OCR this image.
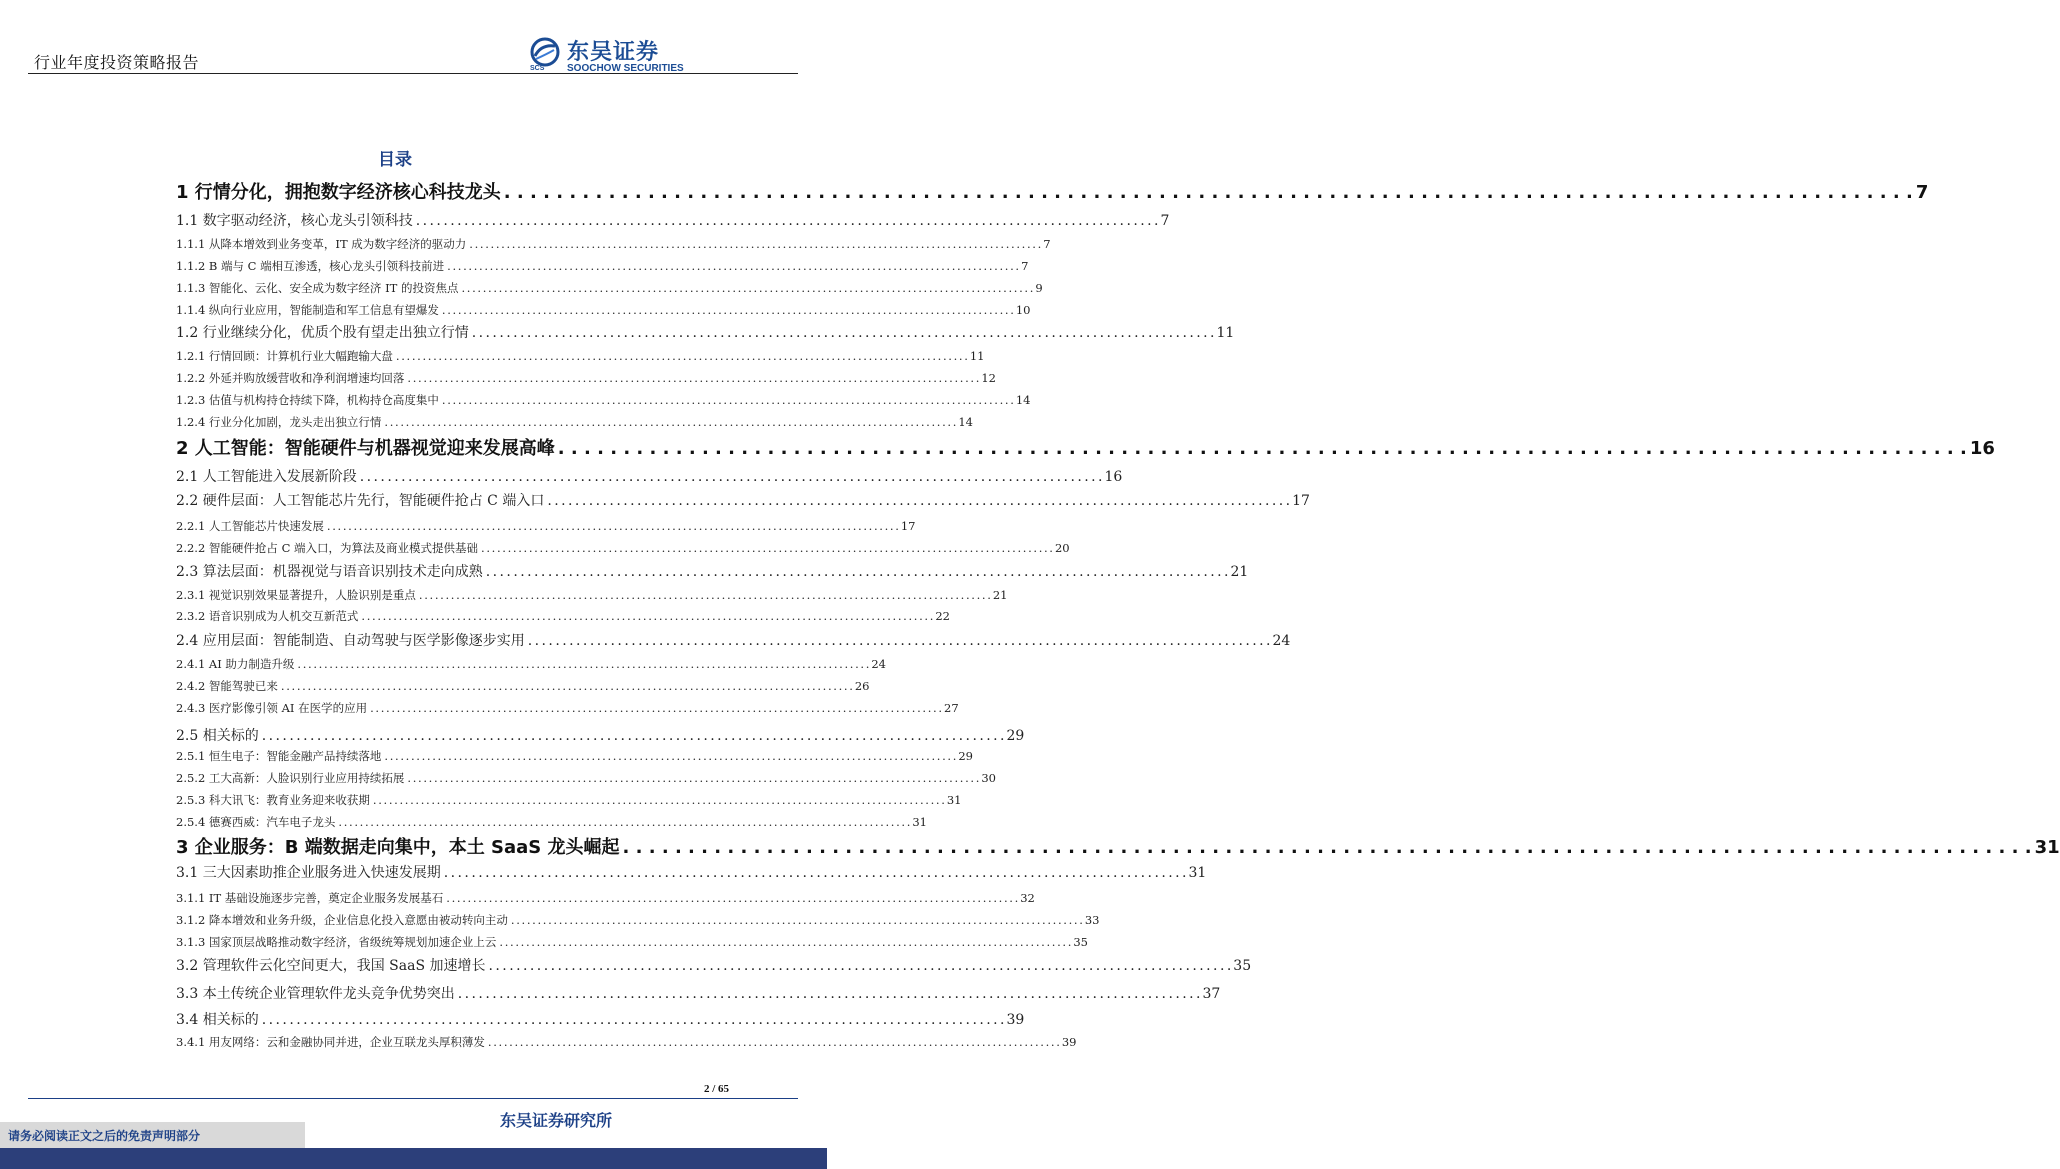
行业年度投资策略报告	SCS
东吴证券
SOOCHOW SECURITIES
目录
1 行情分化，拥抱数字经济核心科技龙头 . . .	7
1.1 数字驱动经济，核心龙头引领科技 . . .	7
1.1.1 从降本增效到业务变革，IT 成为数字经济的驱动力 . . .	7
1.1.2 B 端与 C 端相互渗透，核心龙头引领科技前进 . . .	7
1.1.3 智能化、云化、安全成为数字经济 IT 的投资焦点 . . .	9
1.1.4 纵向行业应用，智能制造和军工信息有望爆发 . . .	10
1.2 行业继续分化，优质个股有望走出独立行情 . . .	11
1.2.1 行情回顾：计算机行业大幅跑输大盘 . . .	11
1.2.2 外延并购放缓营收和净利润增速均回落 . . .	12
1.2.3 估值与机构持仓持续下降，机构持仓高度集中 . . .	14
1.2.4 行业分化加剧，龙头走出独立行情 . . .	14
2 人工智能：智能硬件与机器视觉迎来发展高峰 . . .	16
2.1 人工智能进入发展新阶段 . . .	16
2.2 硬件层面：人工智能芯片先行，智能硬件抢占 C 端入口 . . .	17
2.2.1 人工智能芯片快速发展 . . .	17
2.2.2 智能硬件抢占 C 端入口，为算法及商业模式提供基础 . . .	20
2.3 算法层面：机器视觉与语音识别技术走向成熟 . . .	21
2.3.1 视觉识别效果显著提升，人脸识别是重点 . . .	21
2.3.2 语音识别成为人机交互新范式 . . .	22
2.4 应用层面：智能制造、自动驾驶与医学影像逐步实用 . . .	24
2.4.1 AI 助力制造升级 . . .	24
2.4.2 智能驾驶已来 . . .	26
2.4.3 医疗影像引领 AI 在医学的应用 . . .	27
2.5 相关标的 . . .	29
2.5.1 恒生电子：智能金融产品持续落地 . . .	29
2.5.2 工大高新：人脸识别行业应用持续拓展 . . .	30
2.5.3 科大讯飞：教育业务迎来收获期 . . .	31
2.5.4 德赛西威：汽车电子龙头 . . .	31
3 企业服务：B 端数据走向集中，本土 SaaS 龙头崛起 . . .	31
3.1 三大因素助推企业服务进入快速发展期 . . .	31
3.1.1 IT 基础设施逐步完善，奠定企业服务发展基石 . . .	32
3.1.2 降本增效和业务升级，企业信息化投入意愿由被动转向主动 . . .	33
3.1.3 国家顶层战略推动数字经济，省级统筹规划加速企业上云 . . .	35
3.2 管理软件云化空间更大，我国 SaaS 加速增长 . . .	35
3.3 本土传统企业管理软件龙头竞争优势突出 . . .	37
3.4 相关标的 . . .	39
3.4.1 用友网络：云和金融协同并进，企业互联龙头厚积薄发 . . .	39
2 / 65
东吴证券研究所
请务必阅读正文之后的免责声明部分
